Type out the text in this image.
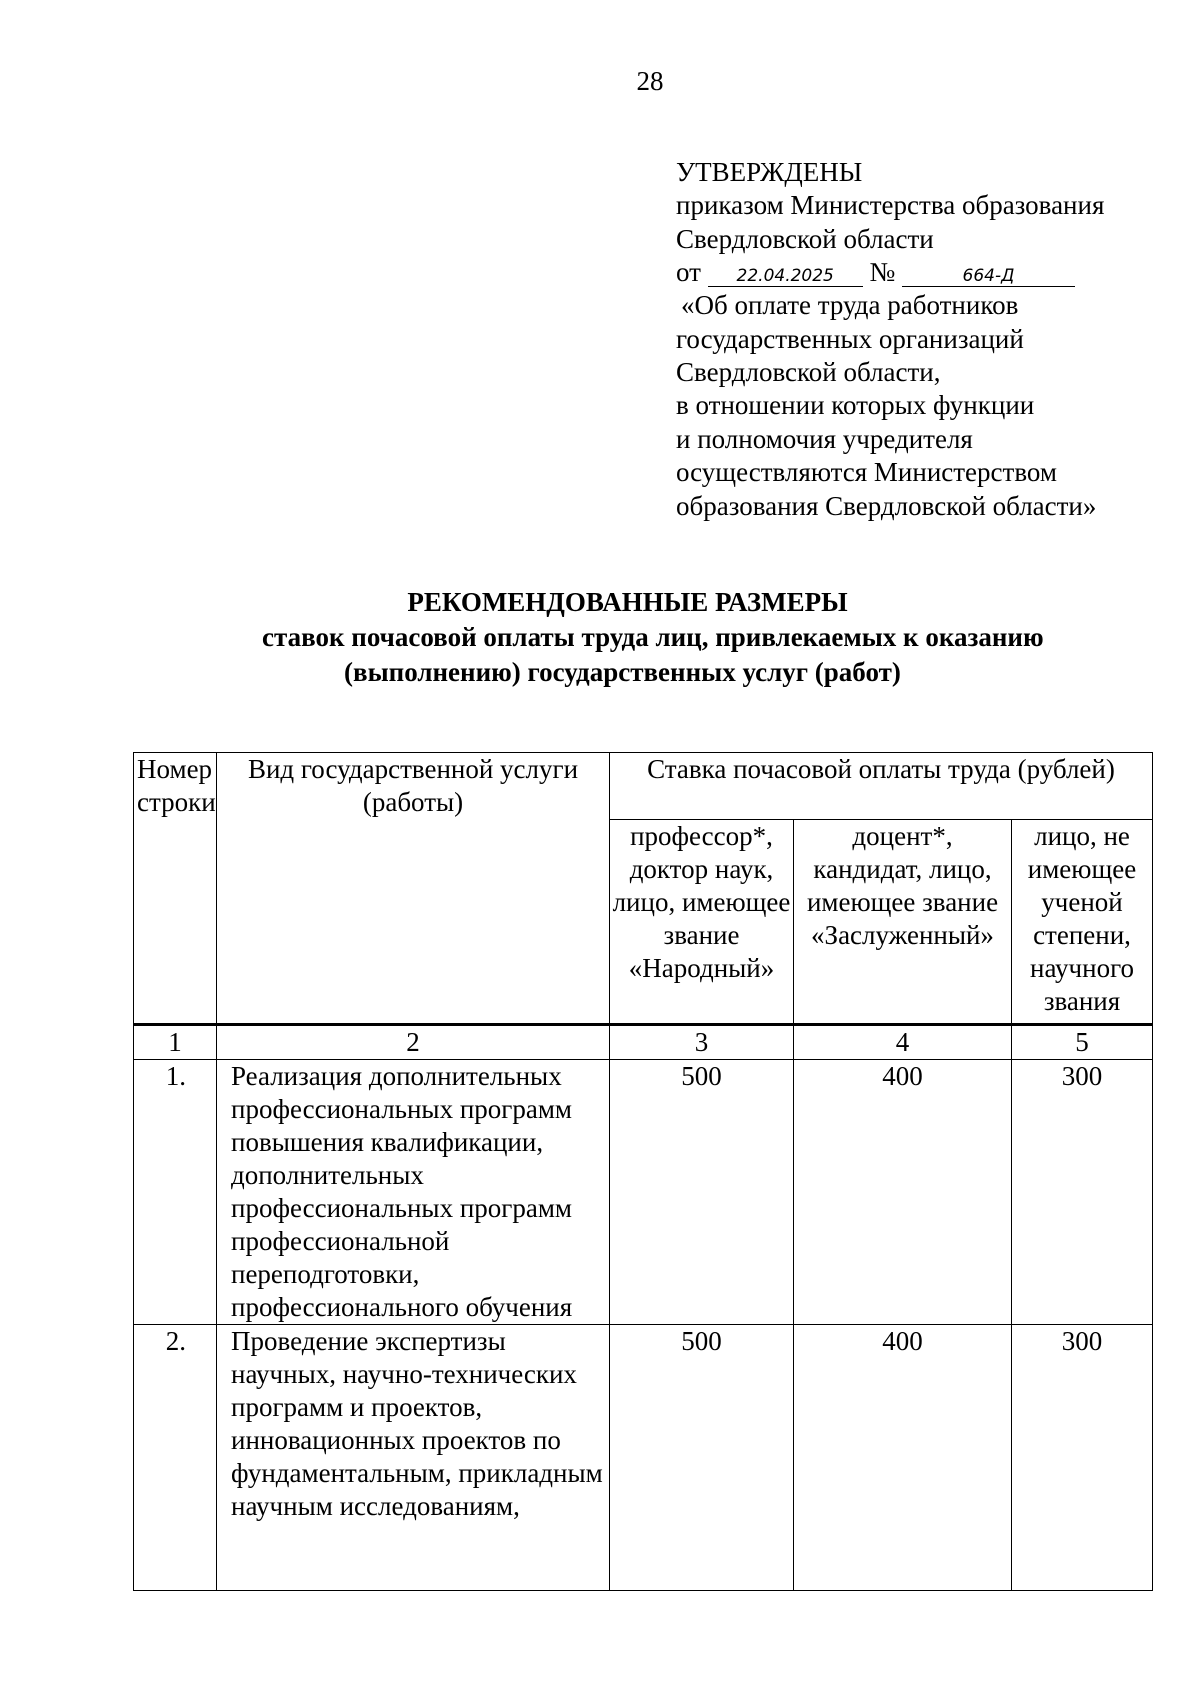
28
УТВЕРЖДЕНЫ
приказом Министерства образования
Свердловской области
от 22.04.2025 №	664-Д
«Об оплате труда работников
государственных организаций
Свердловской области,
в отношении которых функции
и полномочия учредителя
осуществляются Министерством
образования Свердловской области»
РЕКОМЕНДОВАННЫЕ РАЗМЕРЫ
ставок почасовой оплаты труда лиц, привлекаемых к оказанию
(выполнению) государственных услуг (работ)
Номер строки	Вид государственной услуги (работы)	Ставка почасовой оплаты труда (рублей)		
		профессор*, доктор наук, лицо, имеющее звание «Народный»	доцент*, кандидат, лицо, имеющее звание «Заслуженный»	лицо, не имеющее ученой степени, научного звания
1	2	3	4	5
1.	Реализация дополнительных профессиональных программ повышения квалификации, дополнительных профессиональных программ профессиональной переподготовки, профессионального обучения	500	400	300
2.	Проведение экспертизы научных, научно-технических программ и проектов, инновационных проектов по фундаментальным, прикладным научным исследованиям,	500	400	300
